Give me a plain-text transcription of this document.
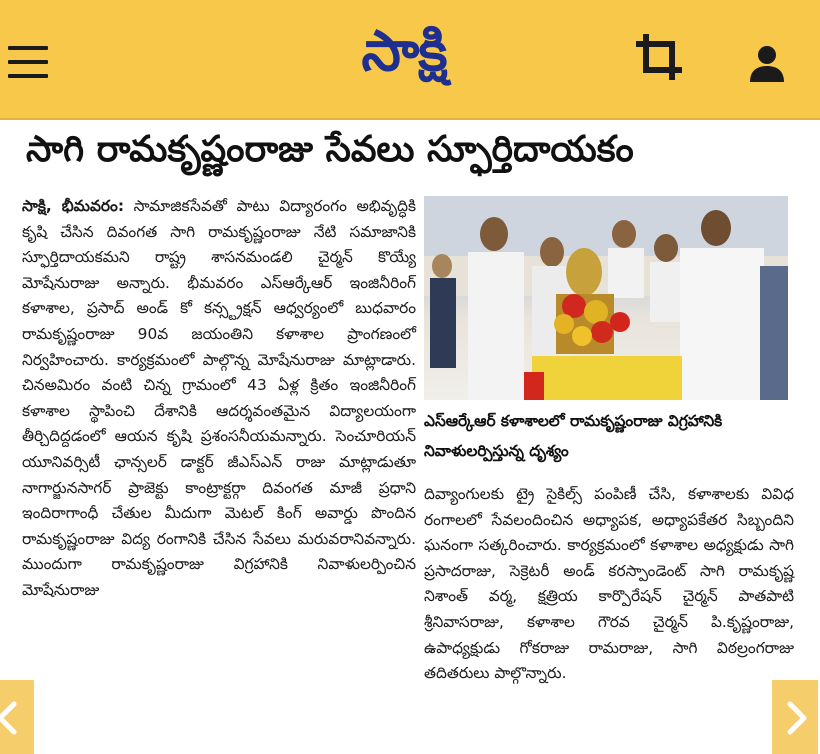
సాక్షి
సాగి రామకృష్ణంరాజు సేవలు స్ఫూర్తిదాయకం
సాక్షి, భీమవరం: సామాజికసేవతో పాటు విద్యారంగం అభివృద్ధికి కృషి చేసిన దివంగత సాగి రామకృష్ణంరాజు నేటి సమాజానికి స్ఫూర్తిదాయకమని రాష్ట్ర శాసనమండలి చైర్మన్ కొయ్యే మోషేనురాజు అన్నారు. భీమవరం ఎస్ఆర్కేఆర్ ఇంజినీరింగ్ కళాశాల, ప్రసాద్ అండ్ కో కన్స్ట్రక్షన్ ఆధ్వర్యంలో బుధవారం రామకృష్ణంరాజు 90వ జయంతిని కళాశాల ప్రాంగణంలో నిర్వహించారు. కార్యక్రమంలో పాల్గొన్న మోషేనురాజు మాట్లాడారు. చినఅమిరం వంటి చిన్న గ్రామంలో 43 ఏళ్ల క్రితం ఇంజినీరింగ్ కళాశాల స్థాపించి దేశానికి ఆదర్శవంతమైన విద్యాలయంగా తీర్చిదిద్దడంలో ఆయన కృషి ప్రశంసనీయమన్నారు. సెంచూరియన్ యూనివర్సిటీ ఛాన్సలర్ డాక్టర్ జీఎస్ఎన్ రాజు మాట్లాడుతూ నాగార్జునసాగర్ ప్రాజెక్టు కాంట్రాక్టర్గా దివంగత మాజీ ప్రధాని ఇందిరాగాంధీ చేతుల మీదుగా మెటల్ కింగ్ అవార్డు పొందిన రామకృష్ణంరాజు విద్య రంగానికి చేసిన సేవలు మరువరానివన్నారు. ముందుగా రామకృష్ణంరాజు విగ్రహానికి నివాళులర్పించిన మోషేనురాజు
ఎస్ఆర్కేఆర్ కళాశాలలో రామకృష్ణంరాజు విగ్రహానికి నివాళులర్పిస్తున్న దృశ్యం
దివ్యాంగులకు ట్రై సైకిల్స్ పంపిణీ చేసి, కళాశాలకు వివిధ రంగాలలో సేవలందించిన అధ్యాపక, అధ్యాపకేతర సిబ్బందిని ఘనంగా సత్కరించారు. కార్యక్రమంలో కళాశాల అధ్యక్షుడు సాగి ప్రసాదరాజు, సెక్రెటరీ అండ్ కరస్పాండెంట్ సాగి రామకృష్ణ నిశాంత్ వర్మ, క్షత్రియ కార్పొరేషన్ చైర్మన్ పాతపాటి శ్రీనివాసరాజు, కళాశాల గౌరవ చైర్మన్ పి.కృష్ణంరాజు, ఉపాధ్యక్షుడు గోకరాజు రామరాజు, సాగి విఠల్రంగరాజు తదితరులు పాల్గొన్నారు.
